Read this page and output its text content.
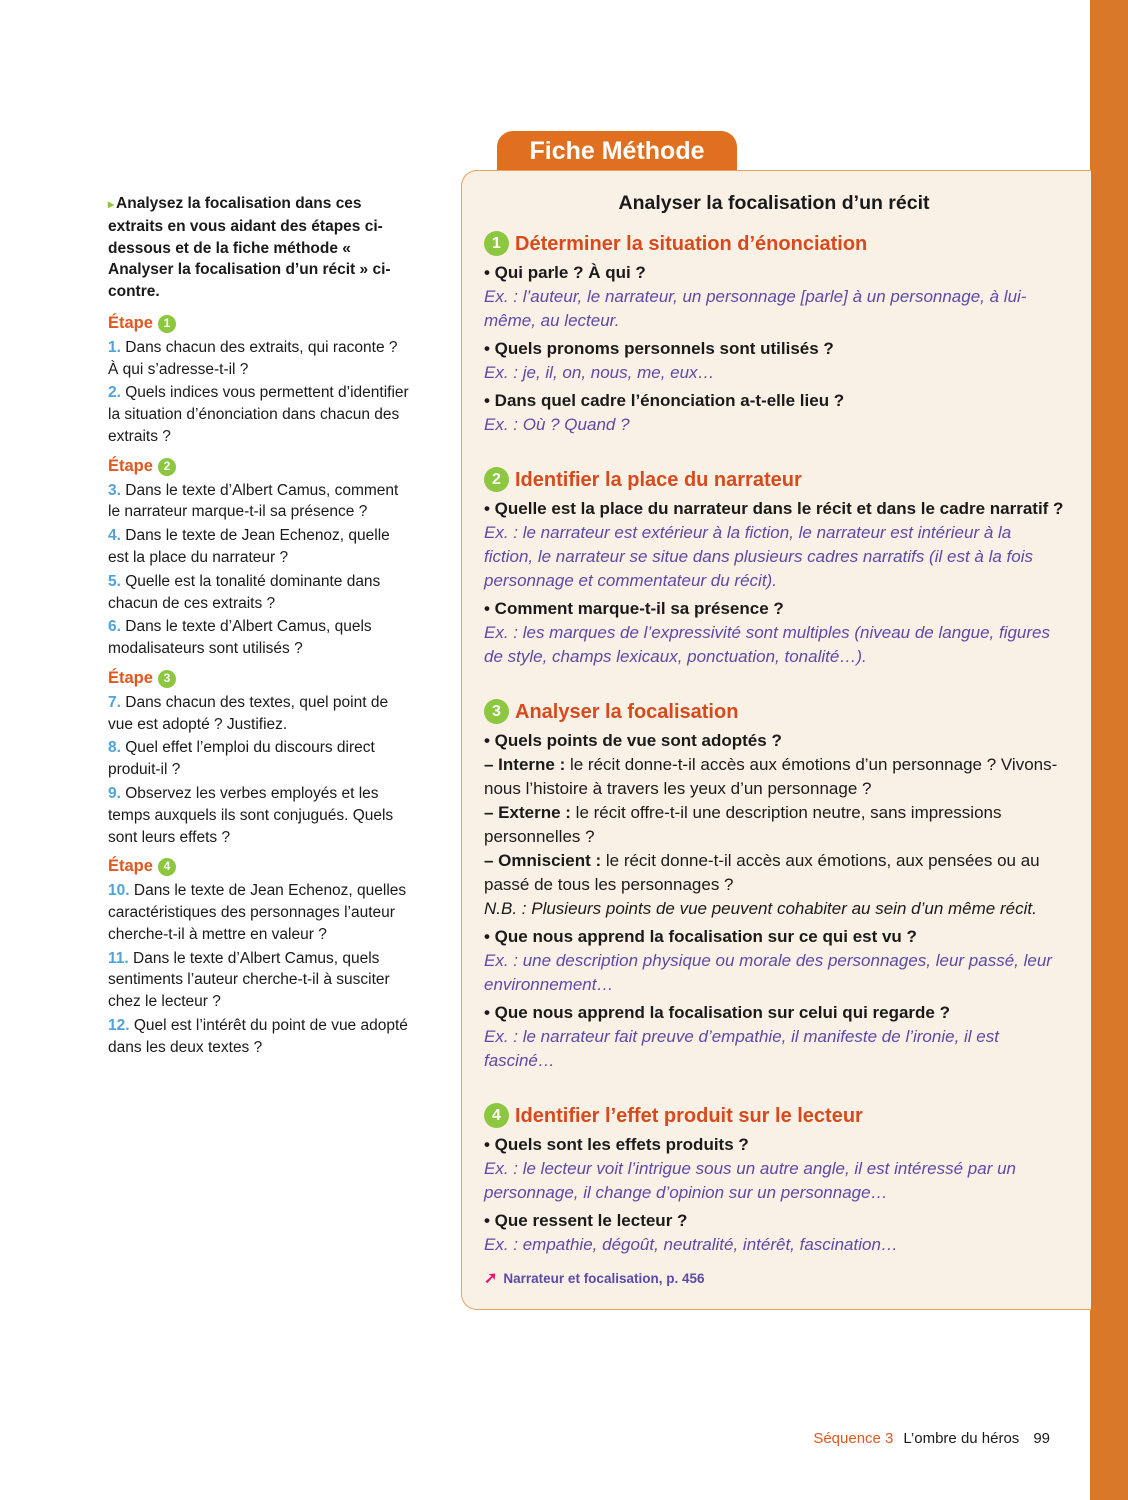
▸ Analysez la focalisation dans ces extraits en vous aidant des étapes ci-dessous et de la fiche méthode « Analyser la focalisation d’un récit » ci-contre.

Étape 1

1. Dans chacun des extraits, qui raconte ? À qui s’adresse-t-il ?

2. Quels indices vous permettent d’identifier la situation d’énonciation dans chacun des extraits ?

Étape 2

3. Dans le texte d’Albert Camus, comment le narrateur marque-t-il sa présence ?

4. Dans le texte de Jean Echenoz, quelle est la place du narrateur ?

5. Quelle est la tonalité dominante dans chacun de ces extraits ?

6. Dans le texte d’Albert Camus, quels modalisateurs sont utilisés ?

Étape 3

7. Dans chacun des textes, quel point de vue est adopté ? Justifiez.

8. Quel effet l’emploi du discours direct produit-il ?

9. Observez les verbes employés et les temps auxquels ils sont conjugués. Quels sont leurs effets ?

Étape 4

10. Dans le texte de Jean Echenoz, quelles caractéristiques des personnages l’auteur cherche-t-il à mettre en valeur ?

11. Dans le texte d’Albert Camus, quels sentiments l’auteur cherche-t-il à susciter chez le lecteur ?

12. Quel est l’intérêt du point de vue adopté dans les deux textes ?

Fiche Méthode

Analyser la focalisation d’un récit

1 Déterminer la situation d’énonciation

• Qui parle ? À qui ?

Ex. : l’auteur, le narrateur, un personnage [parle] à un personnage, à lui-même, au lecteur.

• Quels pronoms personnels sont utilisés ?

Ex. : je, il, on, nous, me, eux…

• Dans quel cadre l’énonciation a-t-elle lieu ?

Ex. : Où ? Quand ?

2 Identifier la place du narrateur

• Quelle est la place du narrateur dans le récit et dans le cadre narratif ?

Ex. : le narrateur est extérieur à la fiction, le narrateur est intérieur à la fiction, le narrateur se situe dans plusieurs cadres narratifs (il est à la fois personnage et commentateur du récit).

• Comment marque-t-il sa présence ?

Ex. : les marques de l’expressivité sont multiples (niveau de langue, figures de style, champs lexicaux, ponctuation, tonalité…).

3 Analyser la focalisation

• Quels points de vue sont adoptés ?

– Interne : le récit donne-t-il accès aux émotions d’un personnage ? Vivons-nous l’histoire à travers les yeux d’un personnage ?

– Externe : le récit offre-t-il une description neutre, sans impressions personnelles ?

– Omniscient : le récit donne-t-il accès aux émotions, aux pensées ou au passé de tous les personnages ?

N.B. : Plusieurs points de vue peuvent cohabiter au sein d’un même récit.

• Que nous apprend la focalisation sur ce qui est vu ?

Ex. : une description physique ou morale des personnages, leur passé, leur environnement…

• Que nous apprend la focalisation sur celui qui regarde ?

Ex. : le narrateur fait preuve d’empathie, il manifeste de l’ironie, il est fasciné…

4 Identifier l’effet produit sur le lecteur

• Quels sont les effets produits ?

Ex. : le lecteur voit l’intrigue sous un autre angle, il est intéressé par un personnage, il change d’opinion sur un personnage…

• Que ressent le lecteur ?

Ex. : empathie, dégoût, neutralité, intérêt, fascination…

➚ Narrateur et focalisation, p. 456
Séquence 3 L’ombre du héros 99
